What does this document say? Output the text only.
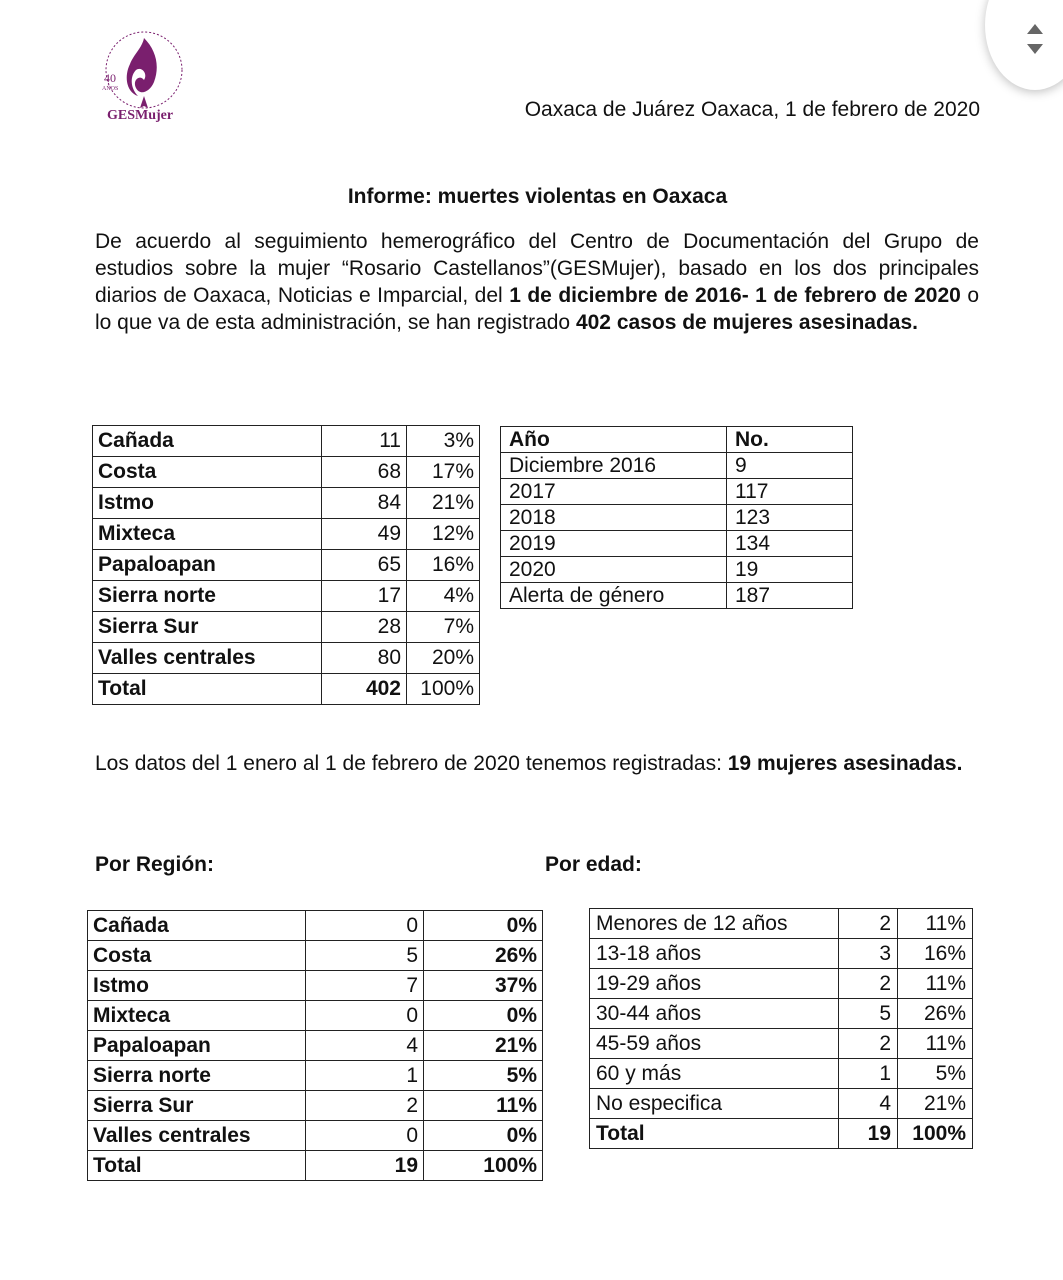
40
AÑOS
GESMujer	Oaxaca de Juárez Oaxaca, 1 de febrero de 2020
Informe: muertes violentas en Oaxaca
De acuerdo al seguimiento hemerográfico del Centro de Documentación del Grupo de estudios sobre la mujer “Rosario Castellanos”(GESMujer), basado en los dos principales diarios de Oaxaca, Noticias e Imparcial, del 1 de diciembre de 2016- 1 de febrero de 2020 o lo que va de esta administración, se han registrado 402 casos de mujeres asesinadas.
Cañada	11	3%
Costa	68	17%
Istmo	84	21%
Mixteca	49	12%
Papaloapan	65	16%
Sierra norte	17	4%
Sierra Sur	28	7%
Valles centrales	80	20%
Total	402	100%
Año	No.
Diciembre 2016	9
2017	117
2018	123
2019	134
2020	19
Alerta de género	187
Los datos del 1 enero al 1 de febrero de 2020 tenemos registradas: 19 mujeres asesinadas.
Por Región:	Por edad:
Cañada	0	0%
Costa	5	26%
Istmo	7	37%
Mixteca	0	0%
Papaloapan	4	21%
Sierra norte	1	5%
Sierra Sur	2	11%
Valles centrales	0	0%
Total	19	100%
Menores de 12 años	2	11%
13-18 años	3	16%
19-29 años	2	11%
30-44 años	5	26%
45-59 años	2	11%
60 y más	1	5%
No especifica	4	21%
Total	19	100%
